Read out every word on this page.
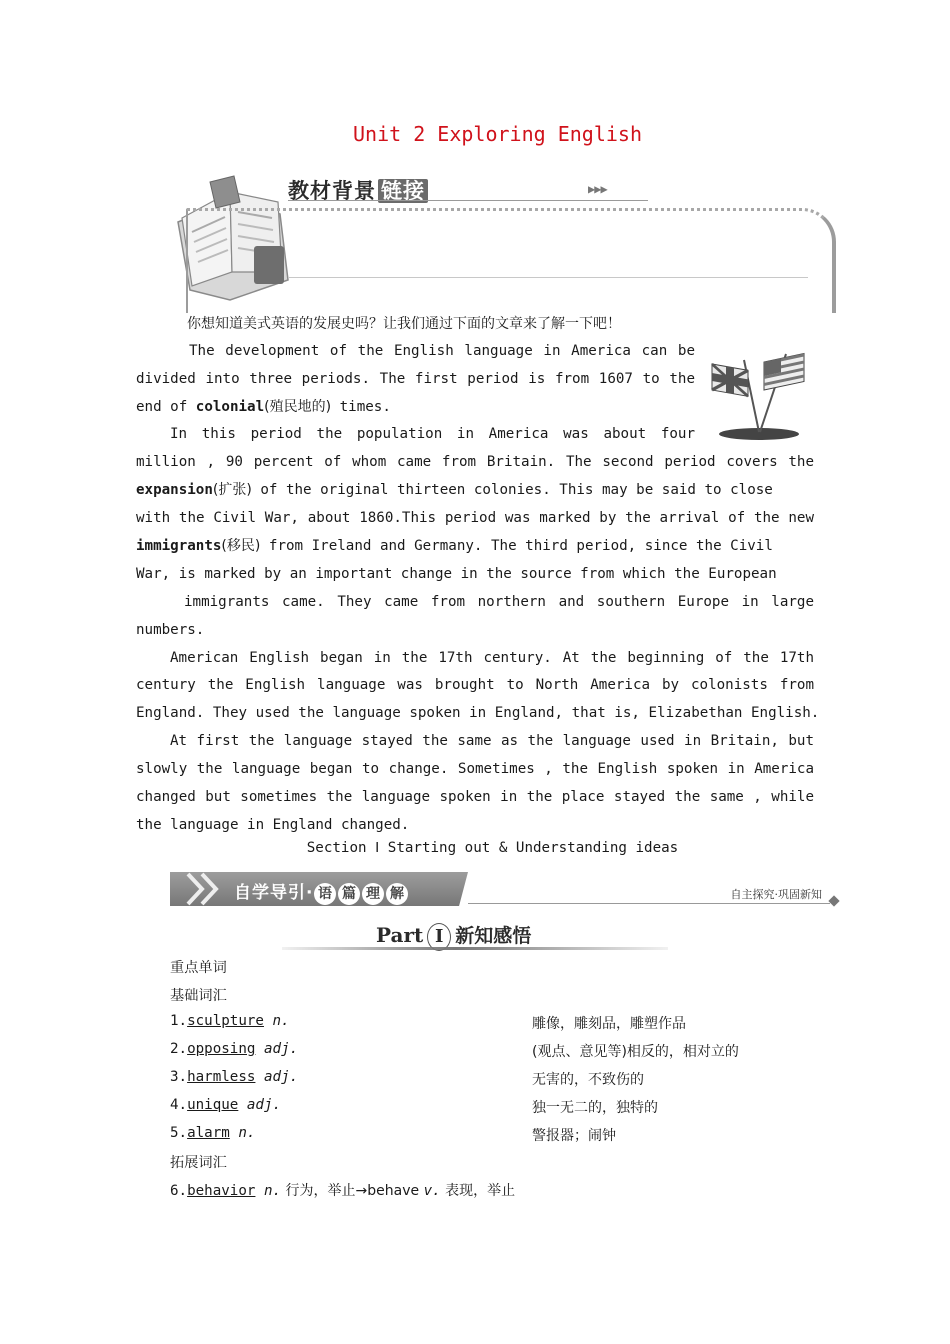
Unit 2 Exploring English
教材背景 链接	▶▶▶
你想知道美式英语的发展史吗？让我们通过下面的文章来了解一下吧！
The development of the English language in America can be
divided into three periods. The first period is from 1607 to the
end of colonial(殖民地的) times.
In this period the population in America was about four
million , 90 percent of whom came from Britain. The second period covers the
expansion(扩张) of the original thirteen colonies. This may be said to close
with the Civil War, about 1860.This period was marked by the arrival of the new
immigrants(移民) from Ireland and Germany. The third period, since the Civil
War, is marked by an important change in the source from which the European
immigrants came. They came from northern and southern Europe in large
numbers.
American English began in the 17th century. At the beginning of the 17th
century the English language was brought to North America by colonists from
England. They used the language spoken in England, that is, Elizabethan English.
At first the language stayed the same as the language used in Britain, but
slowly the language began to change. Sometimes , the English spoken in America
changed but sometimes the language spoken in the place stayed the same , while
the language in England changed.
Section Ⅰ Starting out & Understanding ideas
自学导引· 语 篇 理 解	自主探究·巩固新知
Part Ⅰ 新知感悟
重点单词
基础词汇
1.sculpture n.	雕像，雕刻品，雕塑作品
2.opposing adj.	(观点、意见等)相反的，相对立的
3.harmless adj.	无害的，不致伤的
4.unique adj.	独一无二的，独特的
5.alarm n.	警报器；闹钟
拓展词汇
6.behavior n. 行为，举止→behave v. 表现，举止
